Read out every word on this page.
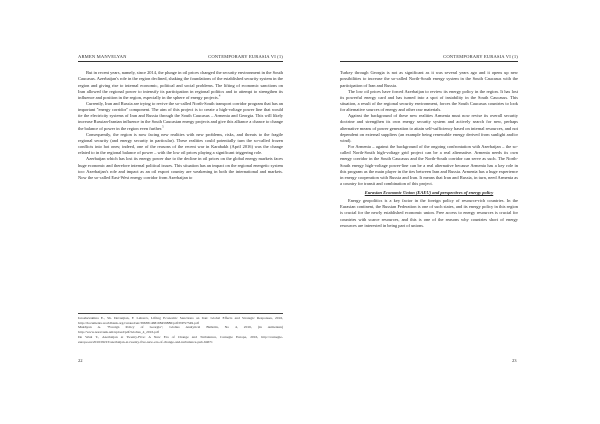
ARMEN MANVELYAN	CONTEMPORARY EURASIA VI (1)

But in recent years, namely, since 2014, the plunge in oil prices changed the security environment in the South Caucasus. Azerbaijan's role in the region declined, shaking the foundations of the established security system in the region and giving rise to internal economic, political and social problems. The lifting of economic sanctions on Iran allowed the regional power to intensify its participation in regional politics and to attempt to strengthen its influence and position in the region, especially in the sphere of energy projects.$^4$

Currently, Iran and Russia are trying to revive the so-called North-South transport corridor program that has an important "energy corridor" component. The aim of this project is to create a high-voltage power line that would tie the electricity systems of Iran and Russia through the South Caucasus – Armenia and Georgia. This will likely increase Russian-Iranian influence in the South Caucasian energy projects and give this alliance a chance to change the balance of power in the region even further.$^5$

Consequently, the region is now facing new realities with new problems, risks, and threats to the fragile regional security (and energy security in particular). These realities could potentially turn the so-called frozen conflicts into hot ones; indeed, one of the reasons of the recent war in Karabakh (April 2016) was the change related to in the regional balance of power – with the low oil prices playing a significant triggering role.

Azerbaijan which has lost its energy power due to the decline in oil prices on the global energy markets faces huge economic and therefore internal political issues. This situation has an impact on the regional energetic system too: Azerbaijan's role and impact as an oil export country are weakening in both the international and markets. Now the so-called East-West energy corridor from Azerbaijan to

Iaroshevskiina E., Sh. Devanjian, F. Lahatov, Lifting Economic Sanctions on Iran: Global Effects and Strategic Responses, 2016, http://documents.worldbank.org/curated/en/396381468198459886/pdf/WPS7549.pdf

Mukhyan A. "Foreign Policy of Georgia", Globus Analytical Bulletin, No 4, 2016, (in Armenian) http://www.noravank.am/upload/pdf/Globus_4_2016.pdf

De Waal T., Azerbaijan at Twenty-Five: A New Era of Change and Turbulence, Carnegie Europe, 2016, http://carnegie-europe.eu/2016/09/23/azerbaijan-at-twenty-five-new-era-of-change-and-turbulence-pub-64671

22
CONTEMPORARY EURASIA VI (1)

Turkey through Georgia is not as significant as it was several years ago and it opens up new possibilities to increase the so-called North-South energy system in the South Caucasus with the participation of Iran and Russia.

The low oil prices have forced Azerbaijan to review its energy policy in the region. It has lost its powerful energy card and has turned into a spot of instability in the South Caucasus. This situation, a result of the regional security environment, forces the South Caucasus countries to look for alternative sources of energy and other raw materials.

Against the background of these new realities Armenia must now revise its overall security doctrine and strengthen its own energy security system and actively search for new, perhaps alternative means of power generation to attain self-sufficiency based on internal resources, and not dependent on external suppliers (an example being renewable energy derived from sunlight and/or wind).

For Armenia – against the background of the ongoing confrontation with Azerbaijan – the so-called North-South high-voltage grid project can be a real alternative. Armenia needs its own energy corridor in the South Caucasus and the North-South corridor can serve as such. The North-South energy high-voltage power-line can be a real alternative because Armenia has a key role in this program as the main player in the ties between Iran and Russia. Armenia has a huge experience in energy cooperation with Russia and Iran. It means that Iran and Russia, in turn, need Armenia as a country for transit and combination of this project.

Eurasian Economic Union (EAEU) and perspectives of energy policy

Energy geopolitics is a key factor in the foreign policy of resource-rich countries. In the Eurasian continent, the Russian Federation is one of such states, and its energy policy in this region is crucial for the newly established economic union. Free access to energy resources is crucial for countries with scarce resources, and this is one of the reasons why countries short of energy resources are interested in being part of unions.

23
